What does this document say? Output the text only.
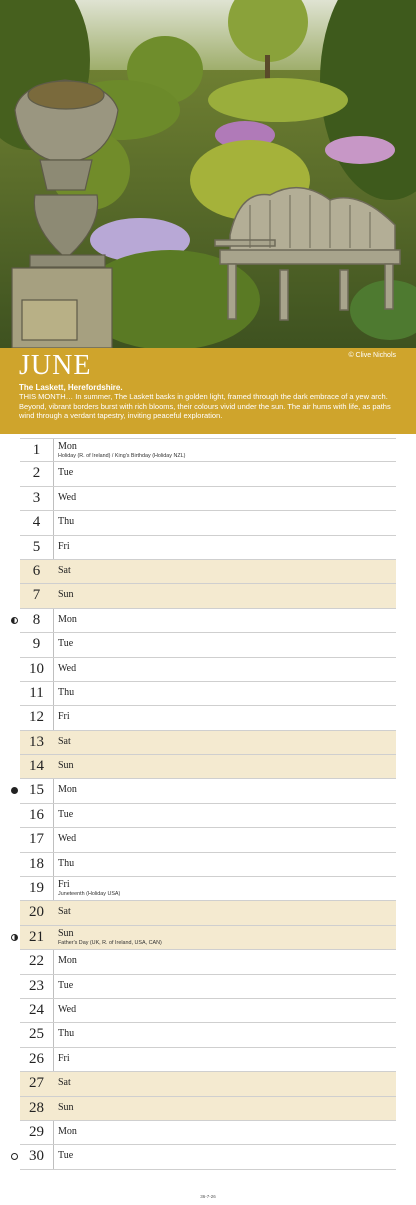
JUNE	© Clive Nichols
The Laskett, Herefordshire.
THIS MONTH… In summer, The Laskett basks in golden light, framed through the dark embrace of a yew arch. Beyond, vibrant borders burst with rich blooms, their colours vivid under the sun. The air hums with life, as paths wind through a verdant tapestry, inviting peaceful exploration.
1	Mon
Holiday (R. of Ireland) / King's Birthday (Holiday NZL)
2	Tue
3	Wed
4	Thu
5	Fri
6	Sat
7	Sun
8	Mon
9	Tue
10	Wed
11	Thu
12	Fri
13	Sat
14	Sun
15	Mon
16	Tue
17	Wed
18	Thu
19	Fri
Juneteenth (Holiday USA)
20	Sat
21	Sun
Father's Day (UK, R. of Ireland, USA, CAN)
22	Mon
23	Tue
24	Wed
25	Thu
26	Fri
27	Sat
28	Sun
29	Mon
30	Tue
36-7-26
